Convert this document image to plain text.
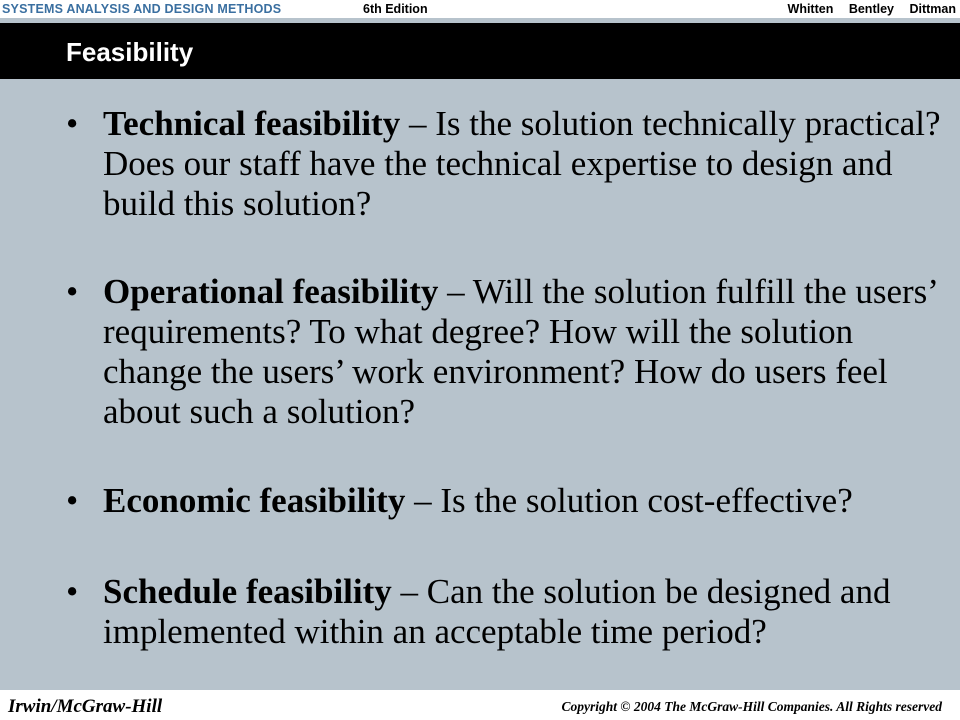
SYSTEMS ANALYSIS AND DESIGN METHODS	6th Edition	Whitten Bentley Dittman
Feasibility
• Technical feasibility – Is the solution technically practical? Does our staff have the technical expertise to design and build this solution?
• Operational feasibility – Will the solution fulfill the users’ requirements? To what degree? How will the solution change the users’ work environment? How do users feel about such a solution?
• Economic feasibility – Is the solution cost-effective?
• Schedule feasibility – Can the solution be designed and implemented within an acceptable time period?
Irwin/McGraw-Hill	Copyright © 2004 The McGraw-Hill Companies. All Rights reserved
